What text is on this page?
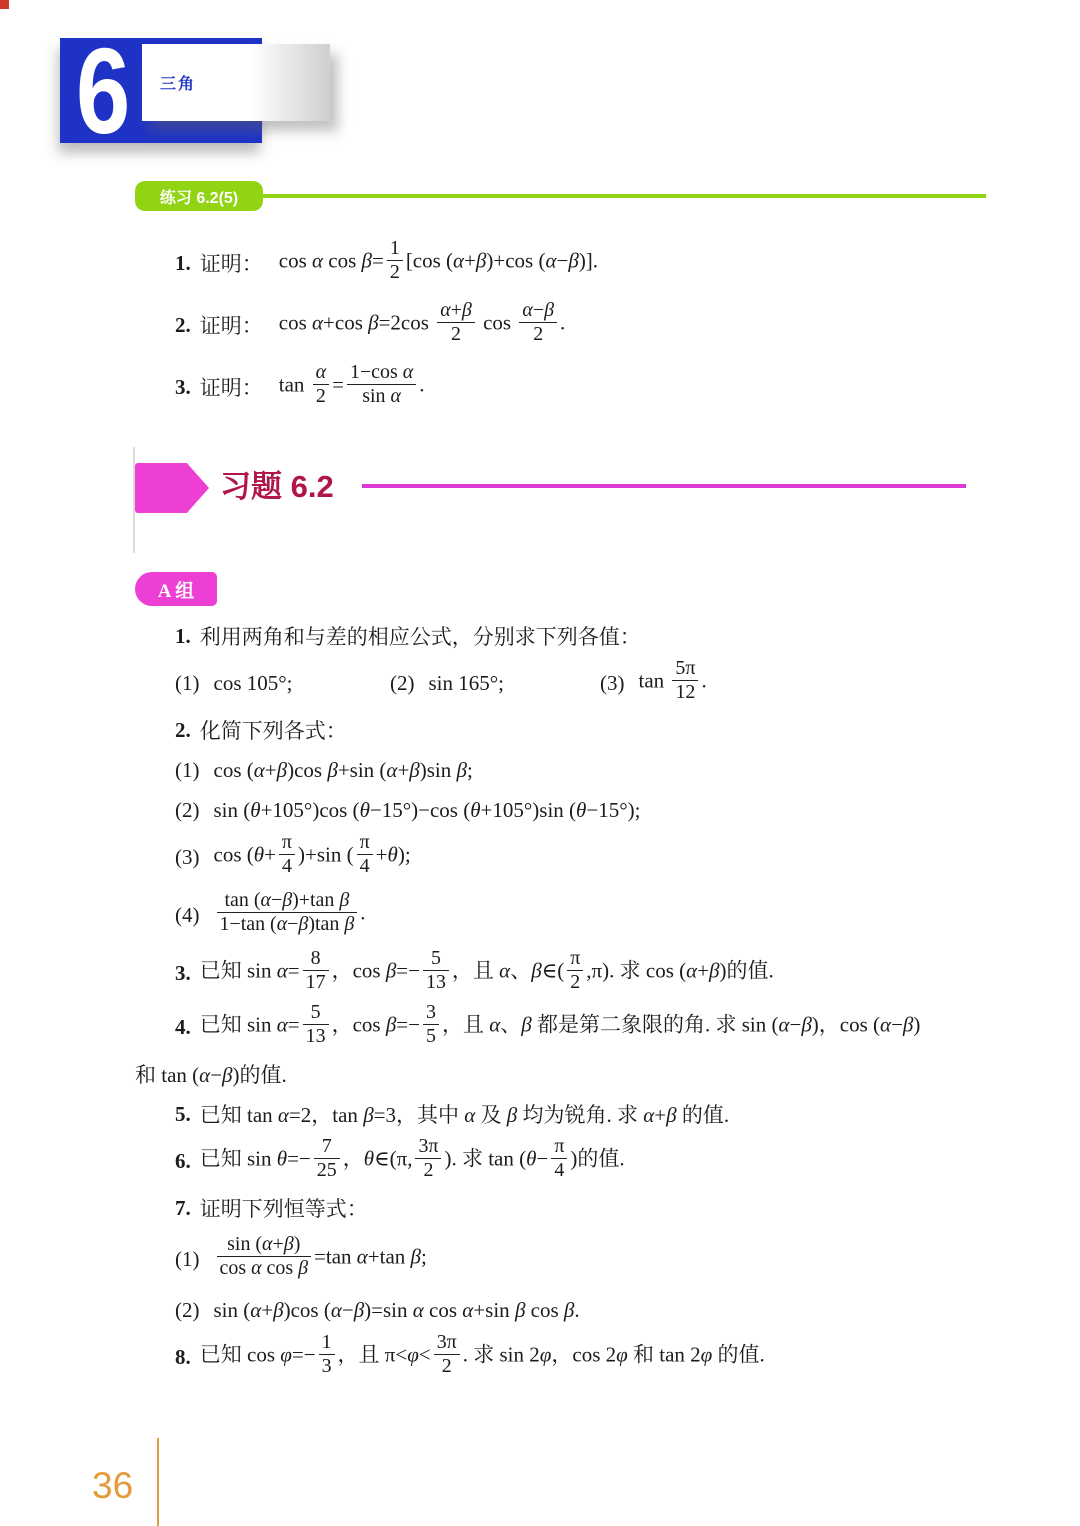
6 三角
练习 6.2(5)
1. 证明： cos α $\cos \beta= \frac{1}{2} [\cos$ (α+β)+cos (α−β)].
2. 证明： cos α+cos $\beta=2\cos \frac{\alpha+\beta}{2}$ $\cos \frac{\alpha-\beta}{2}$ .
3. 证明： $\tan \frac{\alpha}{2} = \frac{\text{1−cos α}}{\text{sin α}}$ .
习题 6.2
A 组
1. 利用两角和与差的相应公式，分别求下列各值：
(1) cos 105°;	(2) sin 165°;	(3) $\tan \frac{5\pi}{12}$ .
2. 化简下列各式：
(1) cos (α+β)cos β+sin (α+β)sin β;
(2) sin (θ+105°)cos (θ−15°)−cos (θ+105°)sin (θ−15°);
(3) $\cos (\theta+ \frac{\pi}{4} )+\sin$ ( $\frac{\pi}{4} +\theta$);
$(4) \frac{\text{tan (α−β)+tan β}}{\text{1−tan (α−β)tan β}}$ .
3. 已知 $\sin \alpha= \frac{8}{17}$ ，$\cos \beta=- \frac{5}{13}$ ，且 α、β∈( $\frac{\pi}{2} ,\pi$). 求 cos (α+β)的值.
4. 已知 $\sin \alpha= \frac{5}{13}$ ，$\cos \beta=- \frac{3}{5}$ ，且 α、β 都是第二象限的角. 求 sin (α−β)，cos (α−β)
和 tan (α−β)的值.
5. 已知 tan α=2，tan β=3，其中 α 及 β 均为锐角. 求 α+β 的值.
6. 已知 $\sin \theta=- \frac{7}{25}$ ，θ∈(π, $\frac{3\pi}{2}$ ). 求 $\tan (\theta- \frac{\pi}{4}$ )的值.
7. 证明下列恒等式：
$(1) \frac{\sin (\alpha+\beta)}{\text{cos α cos β}} =\tan$ α+tan β;
(2) sin (α+β)cos (α−β)=sin α cos α+sin β cos β.
8. 已知 $\cos \varphi=- \frac{1}{3}$ ，且 $\pi<\varphi< \frac{3\pi}{2}$ . 求 sin 2φ，cos 2φ 和 tan 2φ 的值.
36
